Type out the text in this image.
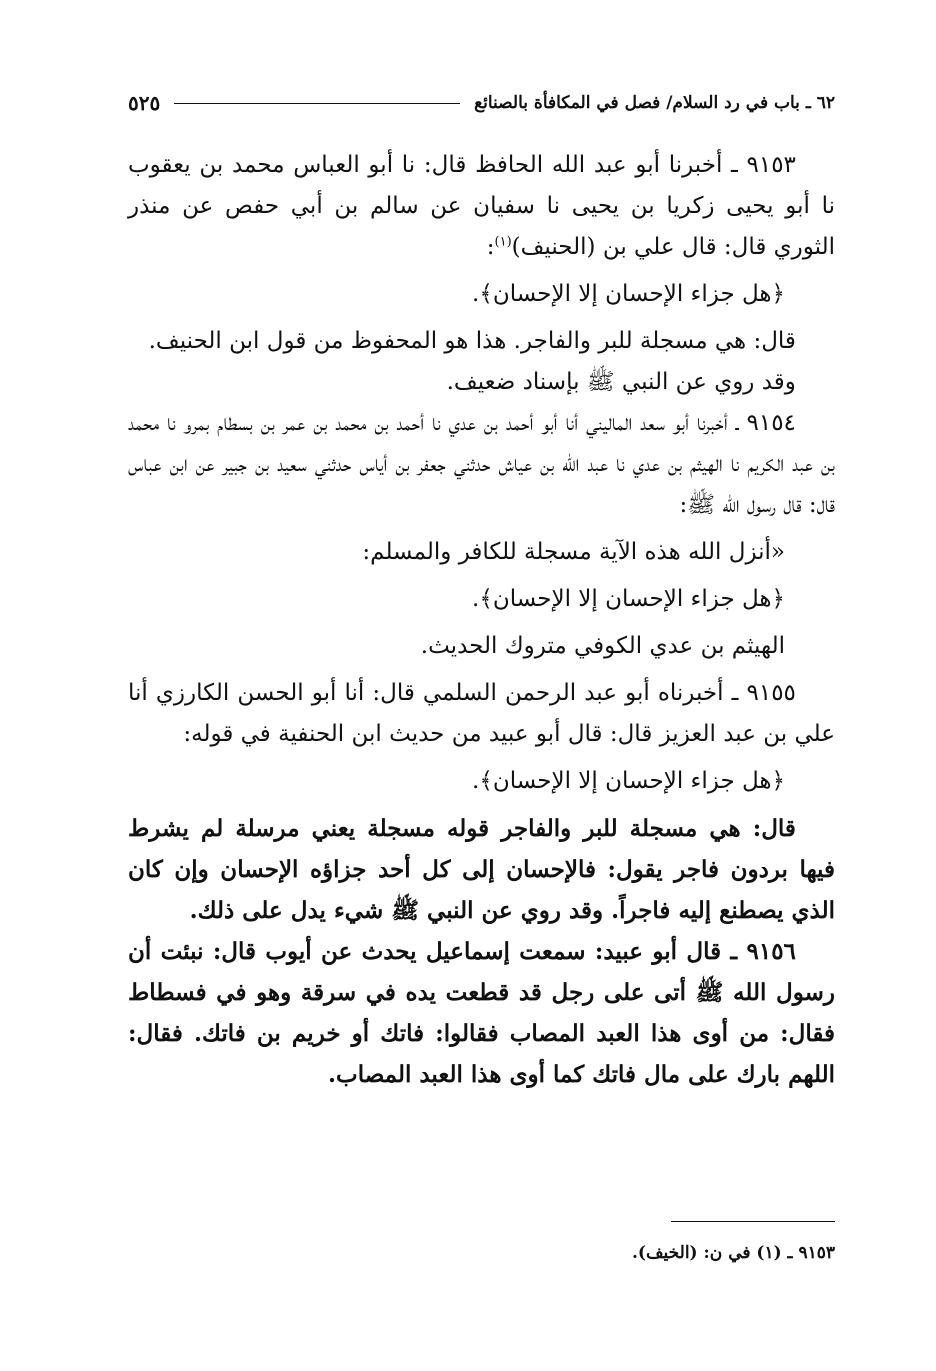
٦٢ ـ باب في رد السلام/ فصل في المكافأة بالصنائع
٥٢٥

٩١٥٣ ـ أخبرنا أبو عبد الله الحافظ قال: نا أبو العباس محمد بن يعقوب نا أبو يحيى زكريا بن يحيى نا سفيان عن سالم بن أبي حفص عن منذر الثوري قال: قال علي بن (الحنيف)$^{(١)}$:

﴿هل جزاء الإحسان إلا الإحسان﴾.

قال: هي مسجلة للبر والفاجر. هذا هو المحفوظ من قول ابن الحنيف.

وقد روي عن النبي ﷺ بإسناد ضعيف.

٩١٥٤ ـ أخبرنا أبو سعد الماليني أنا أبو أحمد بن عدي نا أحمد بن محمد بن عمر بن بسطام بمرو نا محمد بن عبد الكريم نا الهيثم بن عدي نا عبد الله بن عياش حدثني جعفر بن أياس حدثني سعيد بن جبير عن ابن عباس قال: قال رسول الله ﷺ:

«أنزل الله هذه الآية مسجلة للكافر والمسلم:

﴿هل جزاء الإحسان إلا الإحسان﴾.

الهيثم بن عدي الكوفي متروك الحديث.

٩١٥٥ ـ أخبرناه أبو عبد الرحمن السلمي قال: أنا أبو الحسن الكارزي أنا علي بن عبد العزيز قال: قال أبو عبيد من حديث ابن الحنفية في قوله:

﴿هل جزاء الإحسان إلا الإحسان﴾.

قال: هي مسجلة للبر والفاجر قوله مسجلة يعني مرسلة لم يشرط فيها بردون فاجر يقول: فالإحسان إلى كل أحد جزاؤه الإحسان وإن كان الذي يصطنع إليه فاجراً. وقد روي عن النبي ﷺ شيء يدل على ذلك.

٩١٥٦ ـ قال أبو عبيد: سمعت إسماعيل يحدث عن أيوب قال: نبئت أن رسول الله ﷺ أتى على رجل قد قطعت يده في سرقة وهو في فسطاط فقال: من أوى هذا العبد المصاب فقالوا: فاتك أو خريم بن فاتك. فقال: اللهم بارك على مال فاتك كما أوى هذا العبد المصاب.

٩١٥٣ ـ (١) في ن: (الخيف).
